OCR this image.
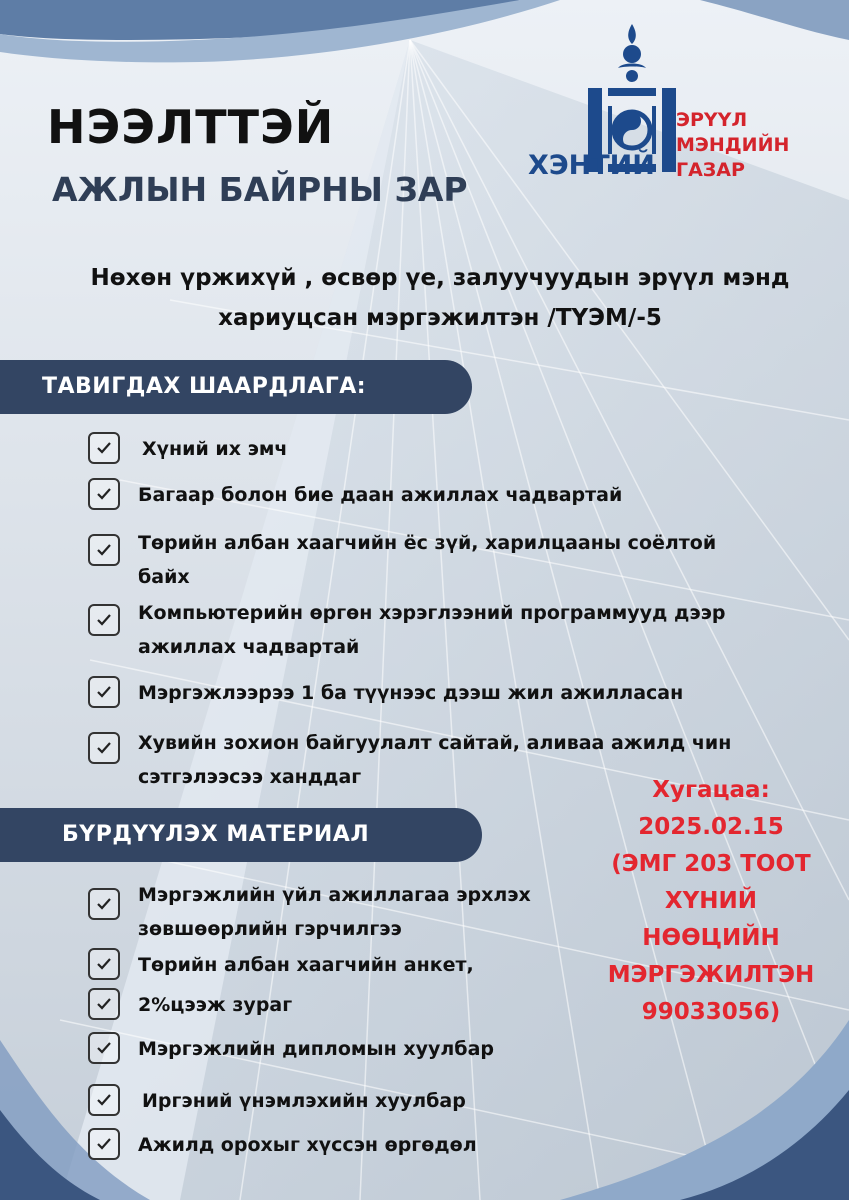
ХЭНТИЙ

ЭРҮҮЛ МЭНДИЙН ГАЗАР

НЭЭЛТТЭЙ
АЖЛЫН БАЙРНЫ ЗАР

Нөхөн үржихүй , өсвөр үе, залуучуудын эрүүл мэнд хариуцсан мэргэжилтэн /ТҮЭМ/-5

ТАВИГДАХ ШААРДЛАГА:
Хүний их эмч
Багаар болон бие даан ажиллах чадвартай
Төрийн албан хаагчийн ёс зүй, харилцааны соёлтой байх
Компьютерийн өргөн хэрэглээний программууд дээр ажиллах чадвартай
Мэргэжлээрээ 1 ба түүнээс дээш жил ажилласан
Хувийн зохион байгуулалт сайтай, аливаа ажилд чин сэтгэлээсээ ханддаг
БҮРДҮҮЛЭХ МАТЕРИАЛ
Мэргэжлийн үйл ажиллагаа эрхлэх зөвшөөрлийн гэрчилгээ
Төрийн албан хаагчийн анкет,
2%цээж зураг
Мэргэжлийн дипломын хуулбар
Иргэний үнэмлэхийн хуулбар
Ажилд орохыг хүссэн өргөдөл
Хугацаа:
2025.02.15
(ЭМГ 203 ТООТ
ХҮНИЙ
НӨӨЦИЙН
МЭРГЭЖИЛТЭН
99033056)
